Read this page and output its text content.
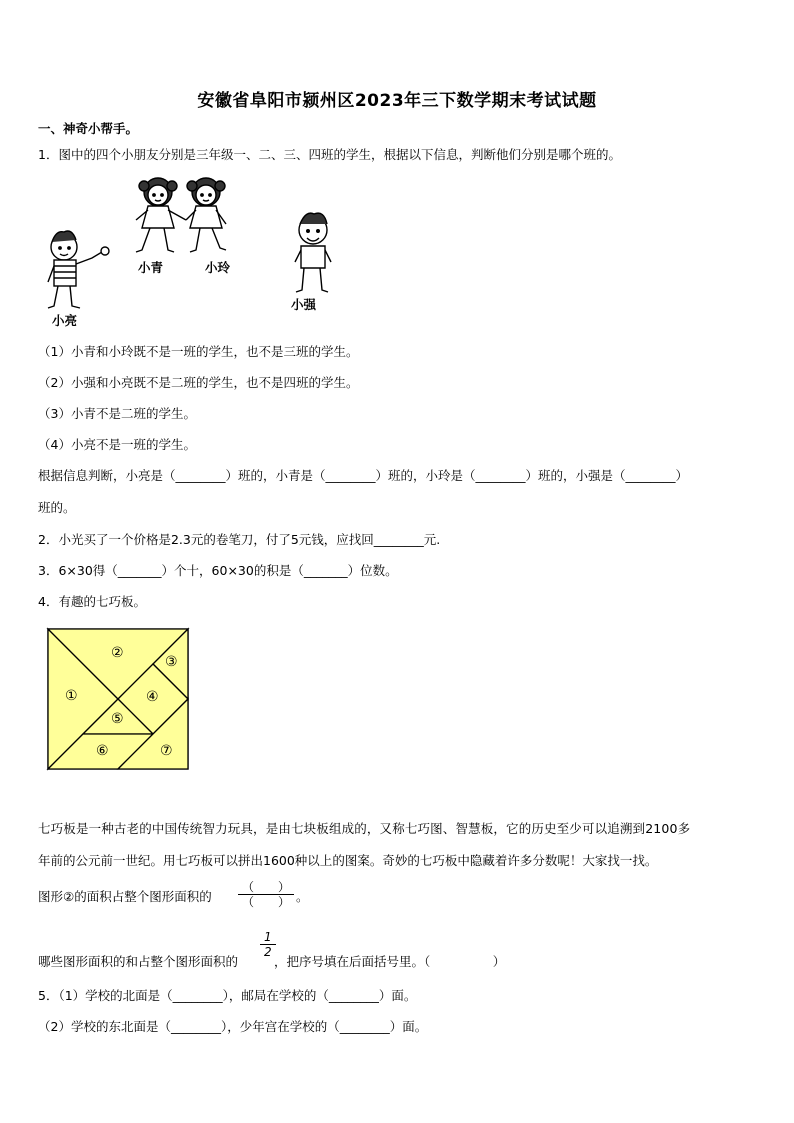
安徽省阜阳市颍州区2023年三下数学期末考试试题
一、神奇小帮手。
1．图中的四个小朋友分别是三年级一、二、三、四班的学生，根据以下信息，判断他们分别是哪个班的。
小青	小玲
小亮
小强
（1）小青和小玲既不是一班的学生，也不是三班的学生。
（2）小强和小亮既不是二班的学生，也不是四班的学生。
（3）小青不是二班的学生。
（4）小亮不是一班的学生。
根据信息判断，小亮是（________）班的，小青是（________）班的，小玲是（________）班的，小强是（________）
班的。
2．小光买了一个价格是2.3元的卷笔刀，付了5元钱，应找回________元.
3．6×30得（_______）个十，60×30的积是（_______）位数。
4．有趣的七巧板。
②
③
①	④
⑤
⑥	⑦
七巧板是一种古老的中国传统智力玩具，是由七块板组成的，又称七巧图、智慧板，它的历史至少可以追溯到2100多
年前的公元前一世纪。用七巧板可以拼出1600种以上的图案。奇妙的七巧板中隐藏着许多分数呢！大家找一找。
图形②的面积占整个图形面积的
（　　）
（　　） 。
哪些图形面积的和占整个图形面积的
$\frac{1}{2}$
，把序号填在后面括号里。（　　　　　）
5．（1）学校的北面是（________），邮局在学校的（________）面。
（2）学校的东北面是（________），少年宫在学校的（________）面。
